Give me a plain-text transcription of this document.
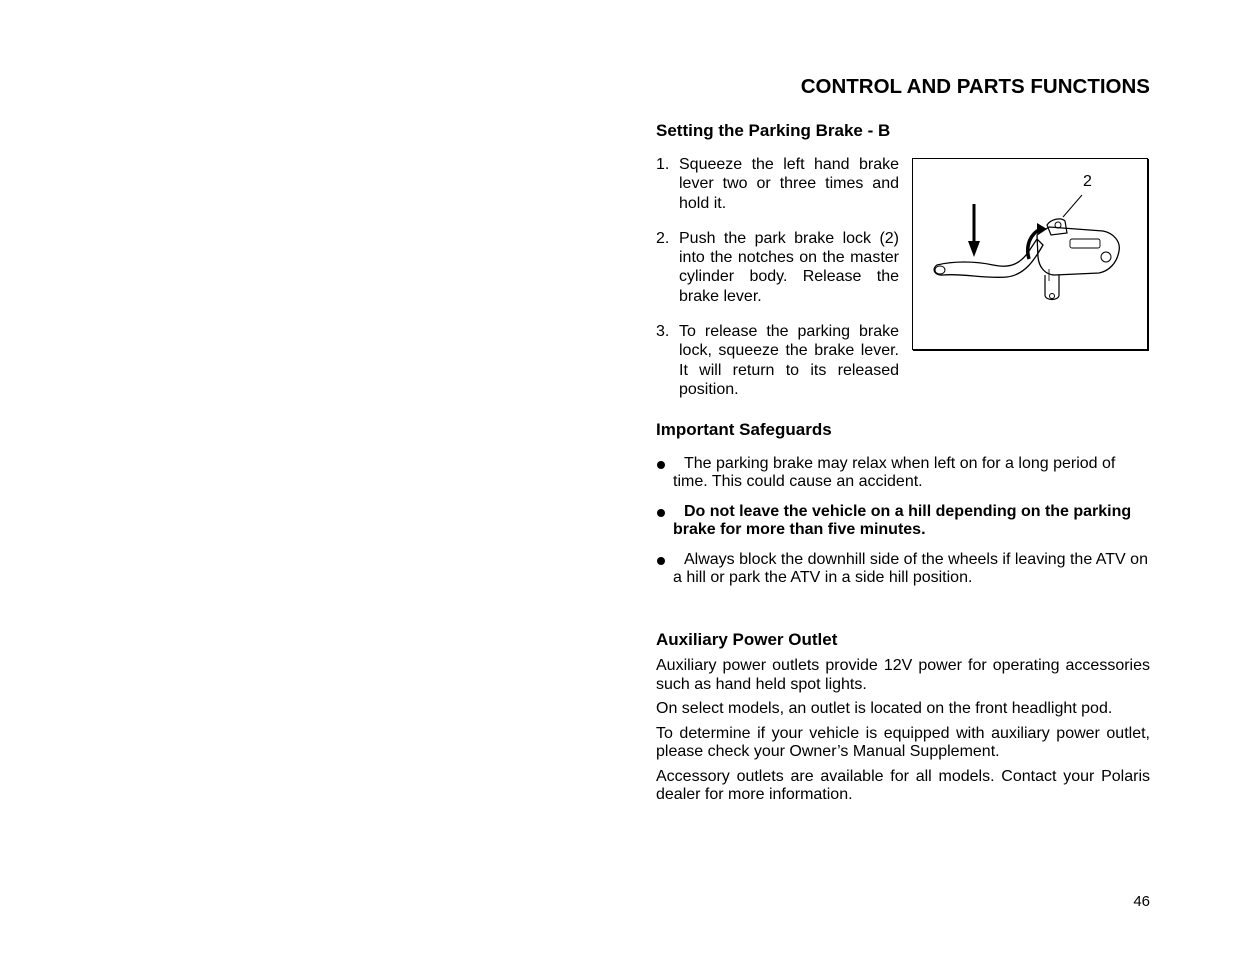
CONTROL AND PARTS FUNCTIONS
Setting the Parking Brake - B
1. Squeeze the left hand brake lever two or three times and hold it.
2. Push the park brake lock (2) into the notches on the master cylinder body. Release the brake lever.
3. To release the parking brake lock, squeeze the brake lever. It will return to its released position.
2
Important Safeguards
The parking brake may relax when left on for a long period of time. This could cause an accident.
Do not leave the vehicle on a hill depending on the parking brake for more than five minutes.
Always block the downhill side of the wheels if leaving the ATV on a hill or park the ATV in a side hill position.
Auxiliary Power Outlet

Auxiliary power outlets provide 12V power for operating accessories such as hand held spot lights.

On select models, an outlet is located on the front headlight pod.

To determine if your vehicle is equipped with auxiliary power outlet, please check your Owner’s Manual Supplement.

Accessory outlets are available for all models. Contact your Polaris dealer for more information.

46
